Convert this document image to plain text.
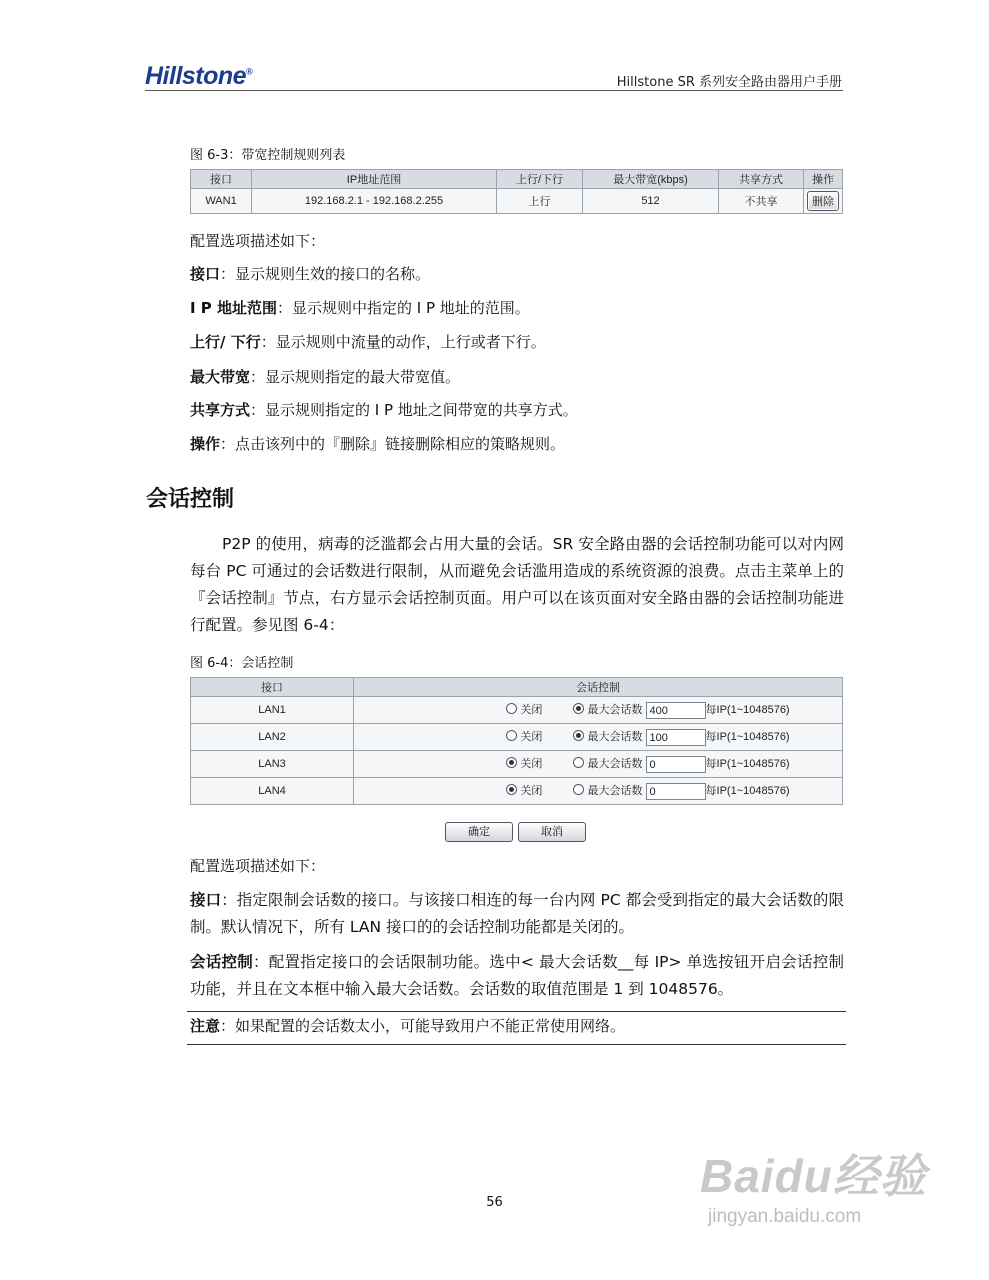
Hillstone®
Hillstone SR 系列安全路由器用户手册
图 6-3：带宽控制规则列表
接口	IP地址范围	上行/下行	最大带宽(kbps)	共享方式	操作
WAN1	192.168.2.1 - 192.168.2.255	上行	512	不共享	删除
配置选项描述如下：
接口：显示规则生效的接口的名称。
I P 地址范围：显示规则中指定的 I P 地址的范围。
上行/ 下行：显示规则中流量的动作，上行或者下行。
最大带宽：显示规则指定的最大带宽值。
共享方式：显示规则指定的 I P 地址之间带宽的共享方式。
操作：点击该列中的『删除』链接删除相应的策略规则。
会话控制
P2P 的使用，病毒的泛滥都会占用大量的会话。SR 安全路由器的会话控制功能可以对内网每台 PC 可通过的会话数进行限制，从而避免会话滥用造成的系统资源的浪费。点击主菜单上的『会话控制』节点，右方显示会话控制页面。用户可以在该页面对安全路由器的会话控制功能进行配置。参见图 6-4：
图 6-4：会话控制
接口	会话控制
LAN1	关闭 最大会话数 400 每IP(1~1048576)
LAN2	关闭 最大会话数 100 每IP(1~1048576)
LAN3	关闭 最大会话数 0 每IP(1~1048576)
LAN4	关闭 最大会话数 0 每IP(1~1048576)
确定	取消
配置选项描述如下：
接口：指定限制会话数的接口。与该接口相连的每一台内网 PC 都会受到指定的最大会话数的限制。默认情况下，所有 LAN 接口的的会话控制功能都是关闭的。
会话控制：配置指定接口的会话限制功能。选中< 最大会话数__每 IP> 单选按钮开启会话控制功能，并且在文本框中输入最大会话数。会话数的取值范围是 1 到 1048576。
注意：如果配置的会话数太小，可能导致用户不能正常使用网络。
56
Baidu经验
jingyan.baidu.com
